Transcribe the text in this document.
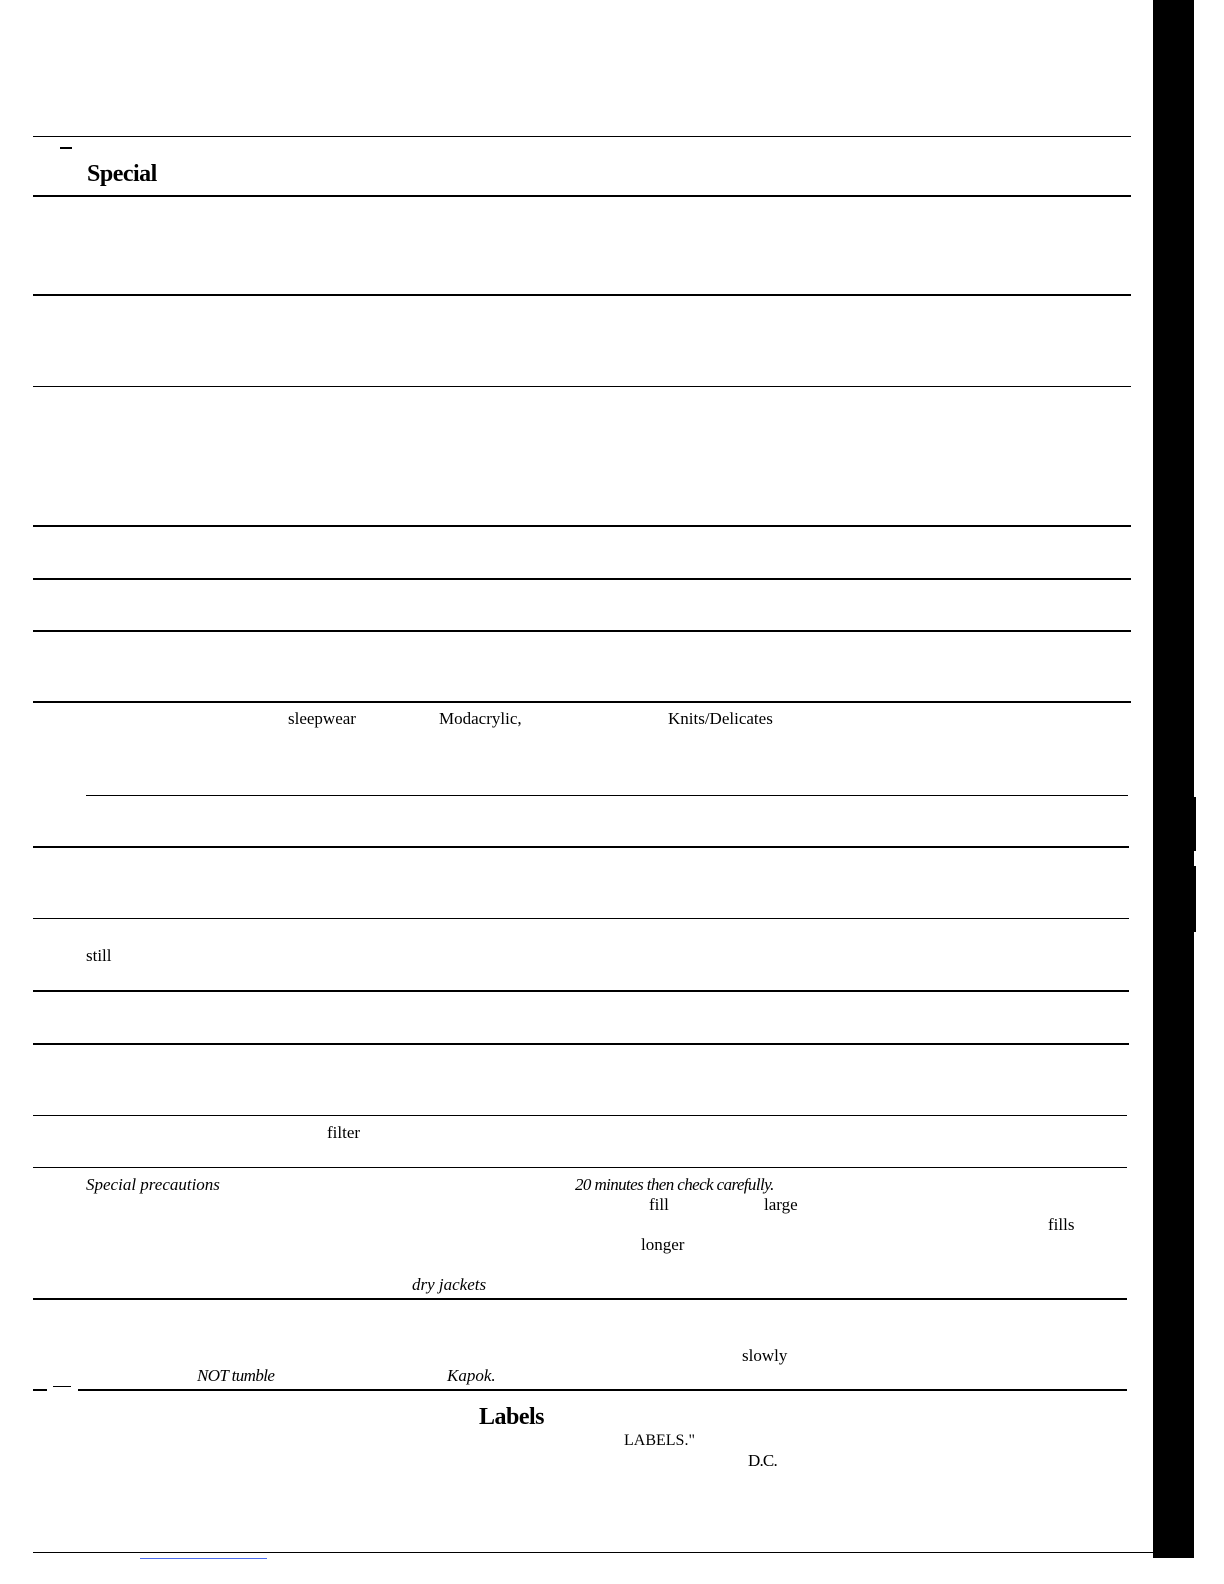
Special
Labels
sleepwear	Modacrylic,	Knits/Delicates
still
filter
Special precautions	20 minutes then check carefully.
fill	large
fills
longer
dry jackets
slowly
NOT tumble	Kapok.
LABELS."
D.C.
